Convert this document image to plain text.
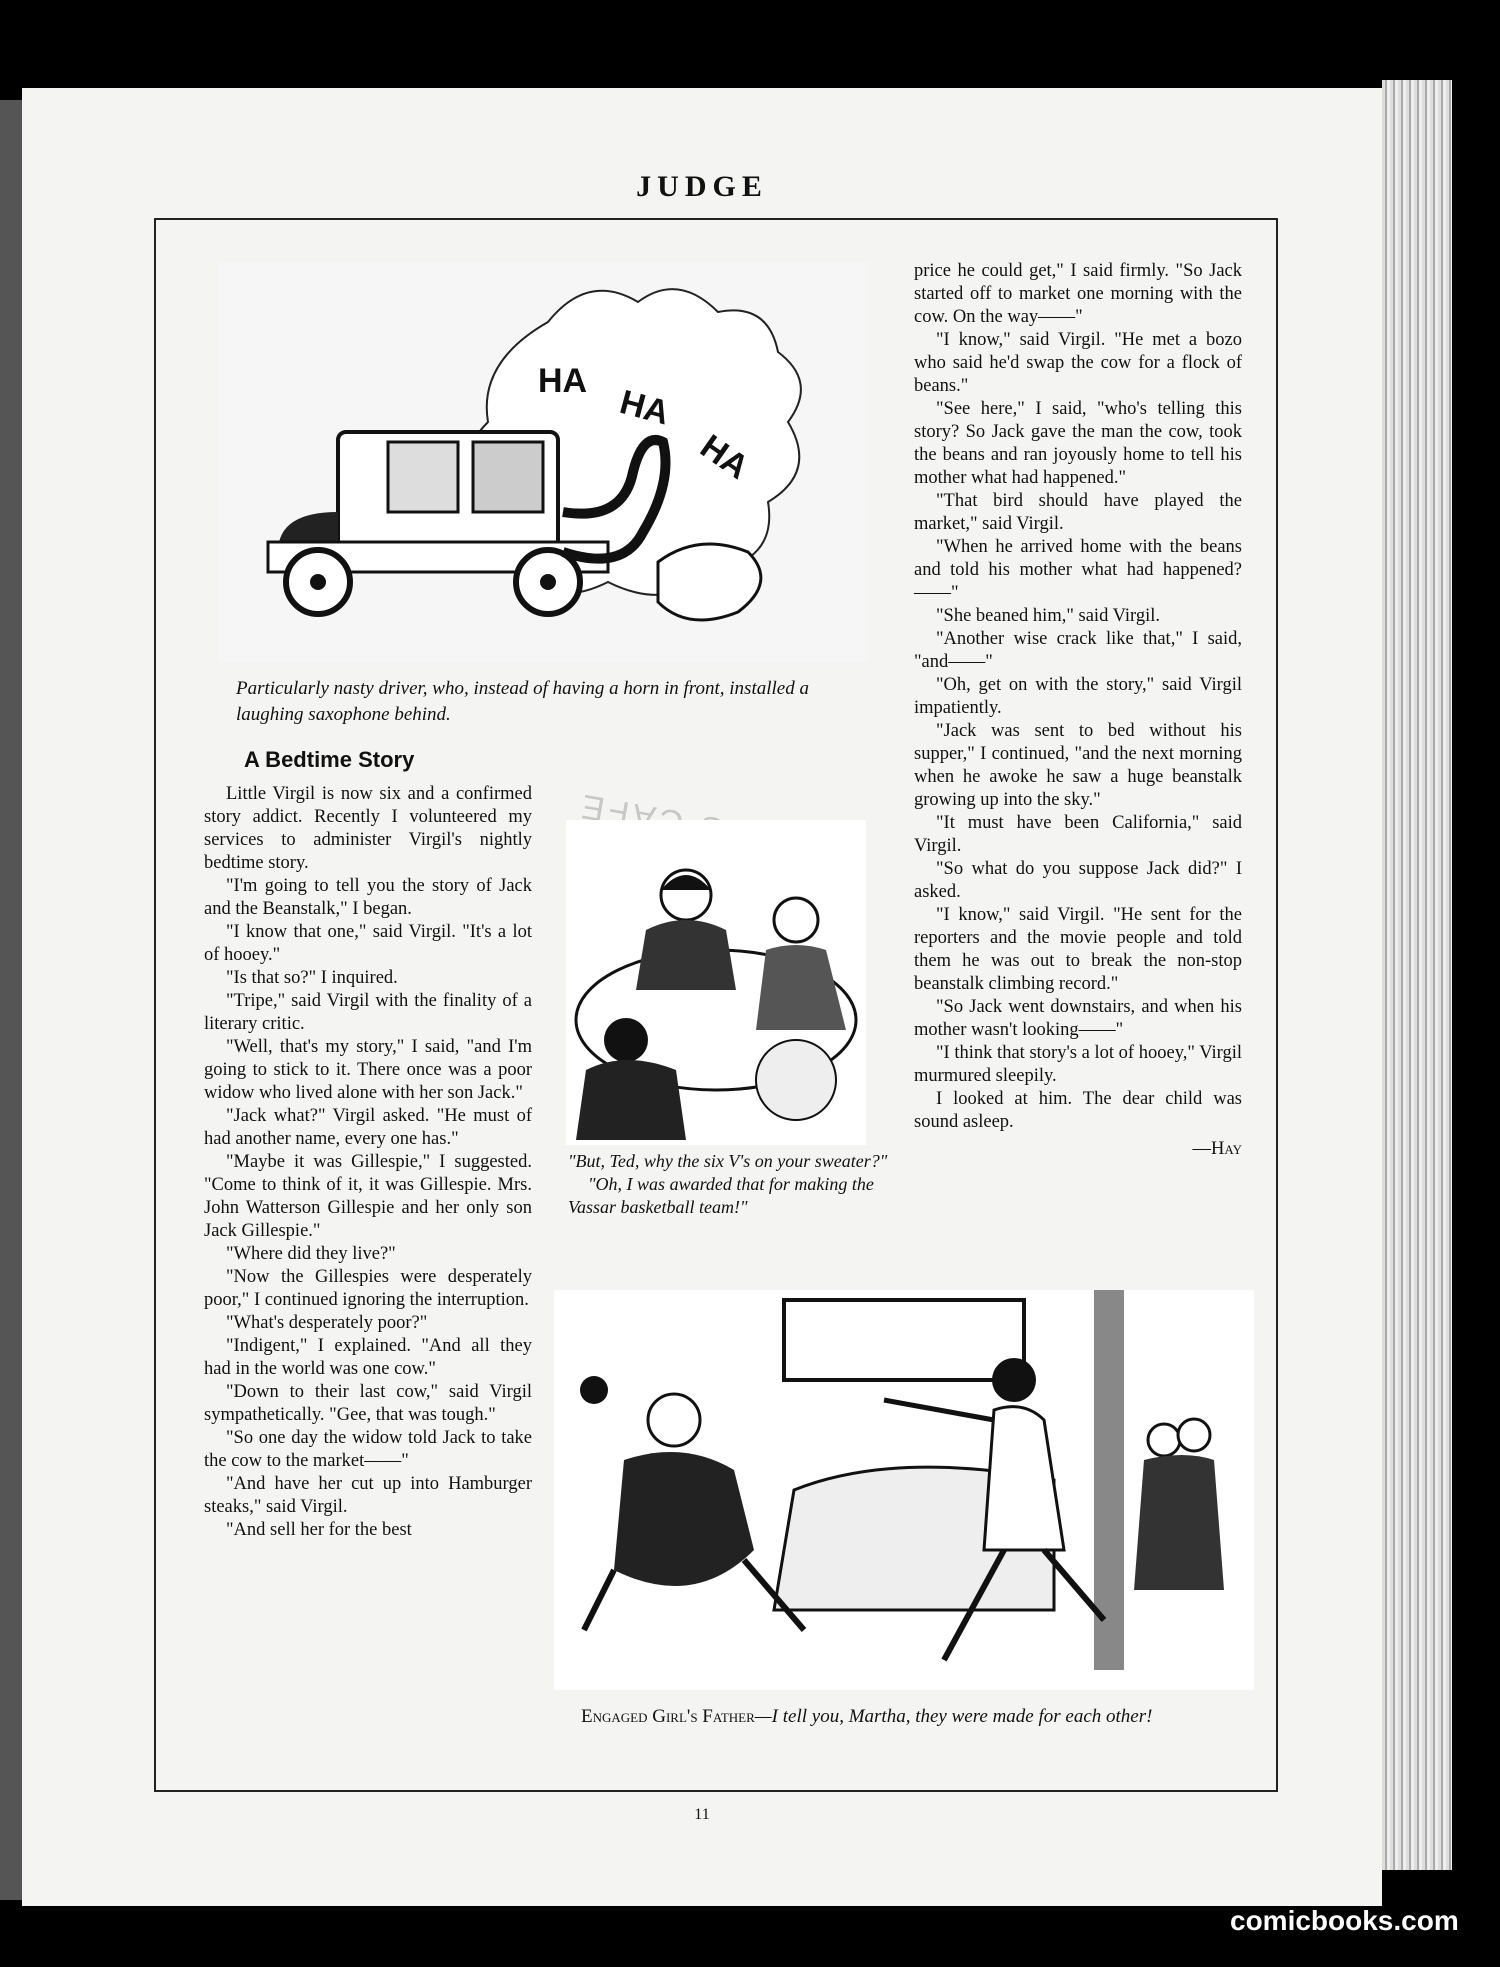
JUDGE
HA
HA
HA
Particularly nasty driver, who, instead of having a horn in front, installed a laughing saxophone behind.
A Bedtime Story

Little Virgil is now six and a confirmed story addict. Recently I volunteered my services to administer Virgil's nightly bedtime story.

"I'm going to tell you the story of Jack and the Beanstalk," I began.

"I know that one," said Virgil. "It's a lot of hooey."

"Is that so?" I inquired.

"Tripe," said Virgil with the finality of a literary critic.

"Well, that's my story," I said, "and I'm going to stick to it. There once was a poor widow who lived alone with her son Jack."

"Jack what?" Virgil asked. "He must of had another name, every one has."

"Maybe it was Gillespie," I suggested. "Come to think of it, it was Gillespie. Mrs. John Watterson Gillespie and her only son Jack Gillespie."

"Where did they live?"

"Now the Gillespies were desperately poor," I continued ignoring the interruption.

"What's desperately poor?"

"Indigent," I explained. "And all they had in the world was one cow."

"Down to their last cow," said Virgil sympathetically. "Gee, that was tough."

"So one day the widow told Jack to take the cow to the market——"

"And have her cut up into Hamburger steaks," said Virgil.

"And sell her for the best

"But, Ted, why the six V's on your sweater?"
"Oh, I was awarded that for making the Vassar basketball team!"

price he could get," I said firmly. "So Jack started off to market one morning with the cow. On the way——"

"I know," said Virgil. "He met a bozo who said he'd swap the cow for a flock of beans."

"See here," I said, "who's telling this story? So Jack gave the man the cow, took the beans and ran joyously home to tell his mother what had happened."

"That bird should have played the market," said Virgil.

"When he arrived home with the beans and told his mother what had happened?——"

"She beaned him," said Virgil.

"Another wise crack like that," I said, "and——"

"Oh, get on with the story," said Virgil impatiently.

"Jack was sent to bed without his supper," I continued, "and the next morning when he awoke he saw a huge beanstalk growing up into the sky."

"It must have been California," said Virgil.

"So what do you suppose Jack did?" I asked.

"I know," said Virgil. "He sent for the reporters and the movie people and told them he was out to break the non-stop beanstalk climbing record."

"So Jack went downstairs, and when his mother wasn't looking——"

"I think that story's a lot of hooey," Virgil murmured sleepily.

I looked at him. The dear child was sound asleep.

—Hay
Engaged Girl's Father—I tell you, Martha, they were made for each other!
11
comicbooks.com
